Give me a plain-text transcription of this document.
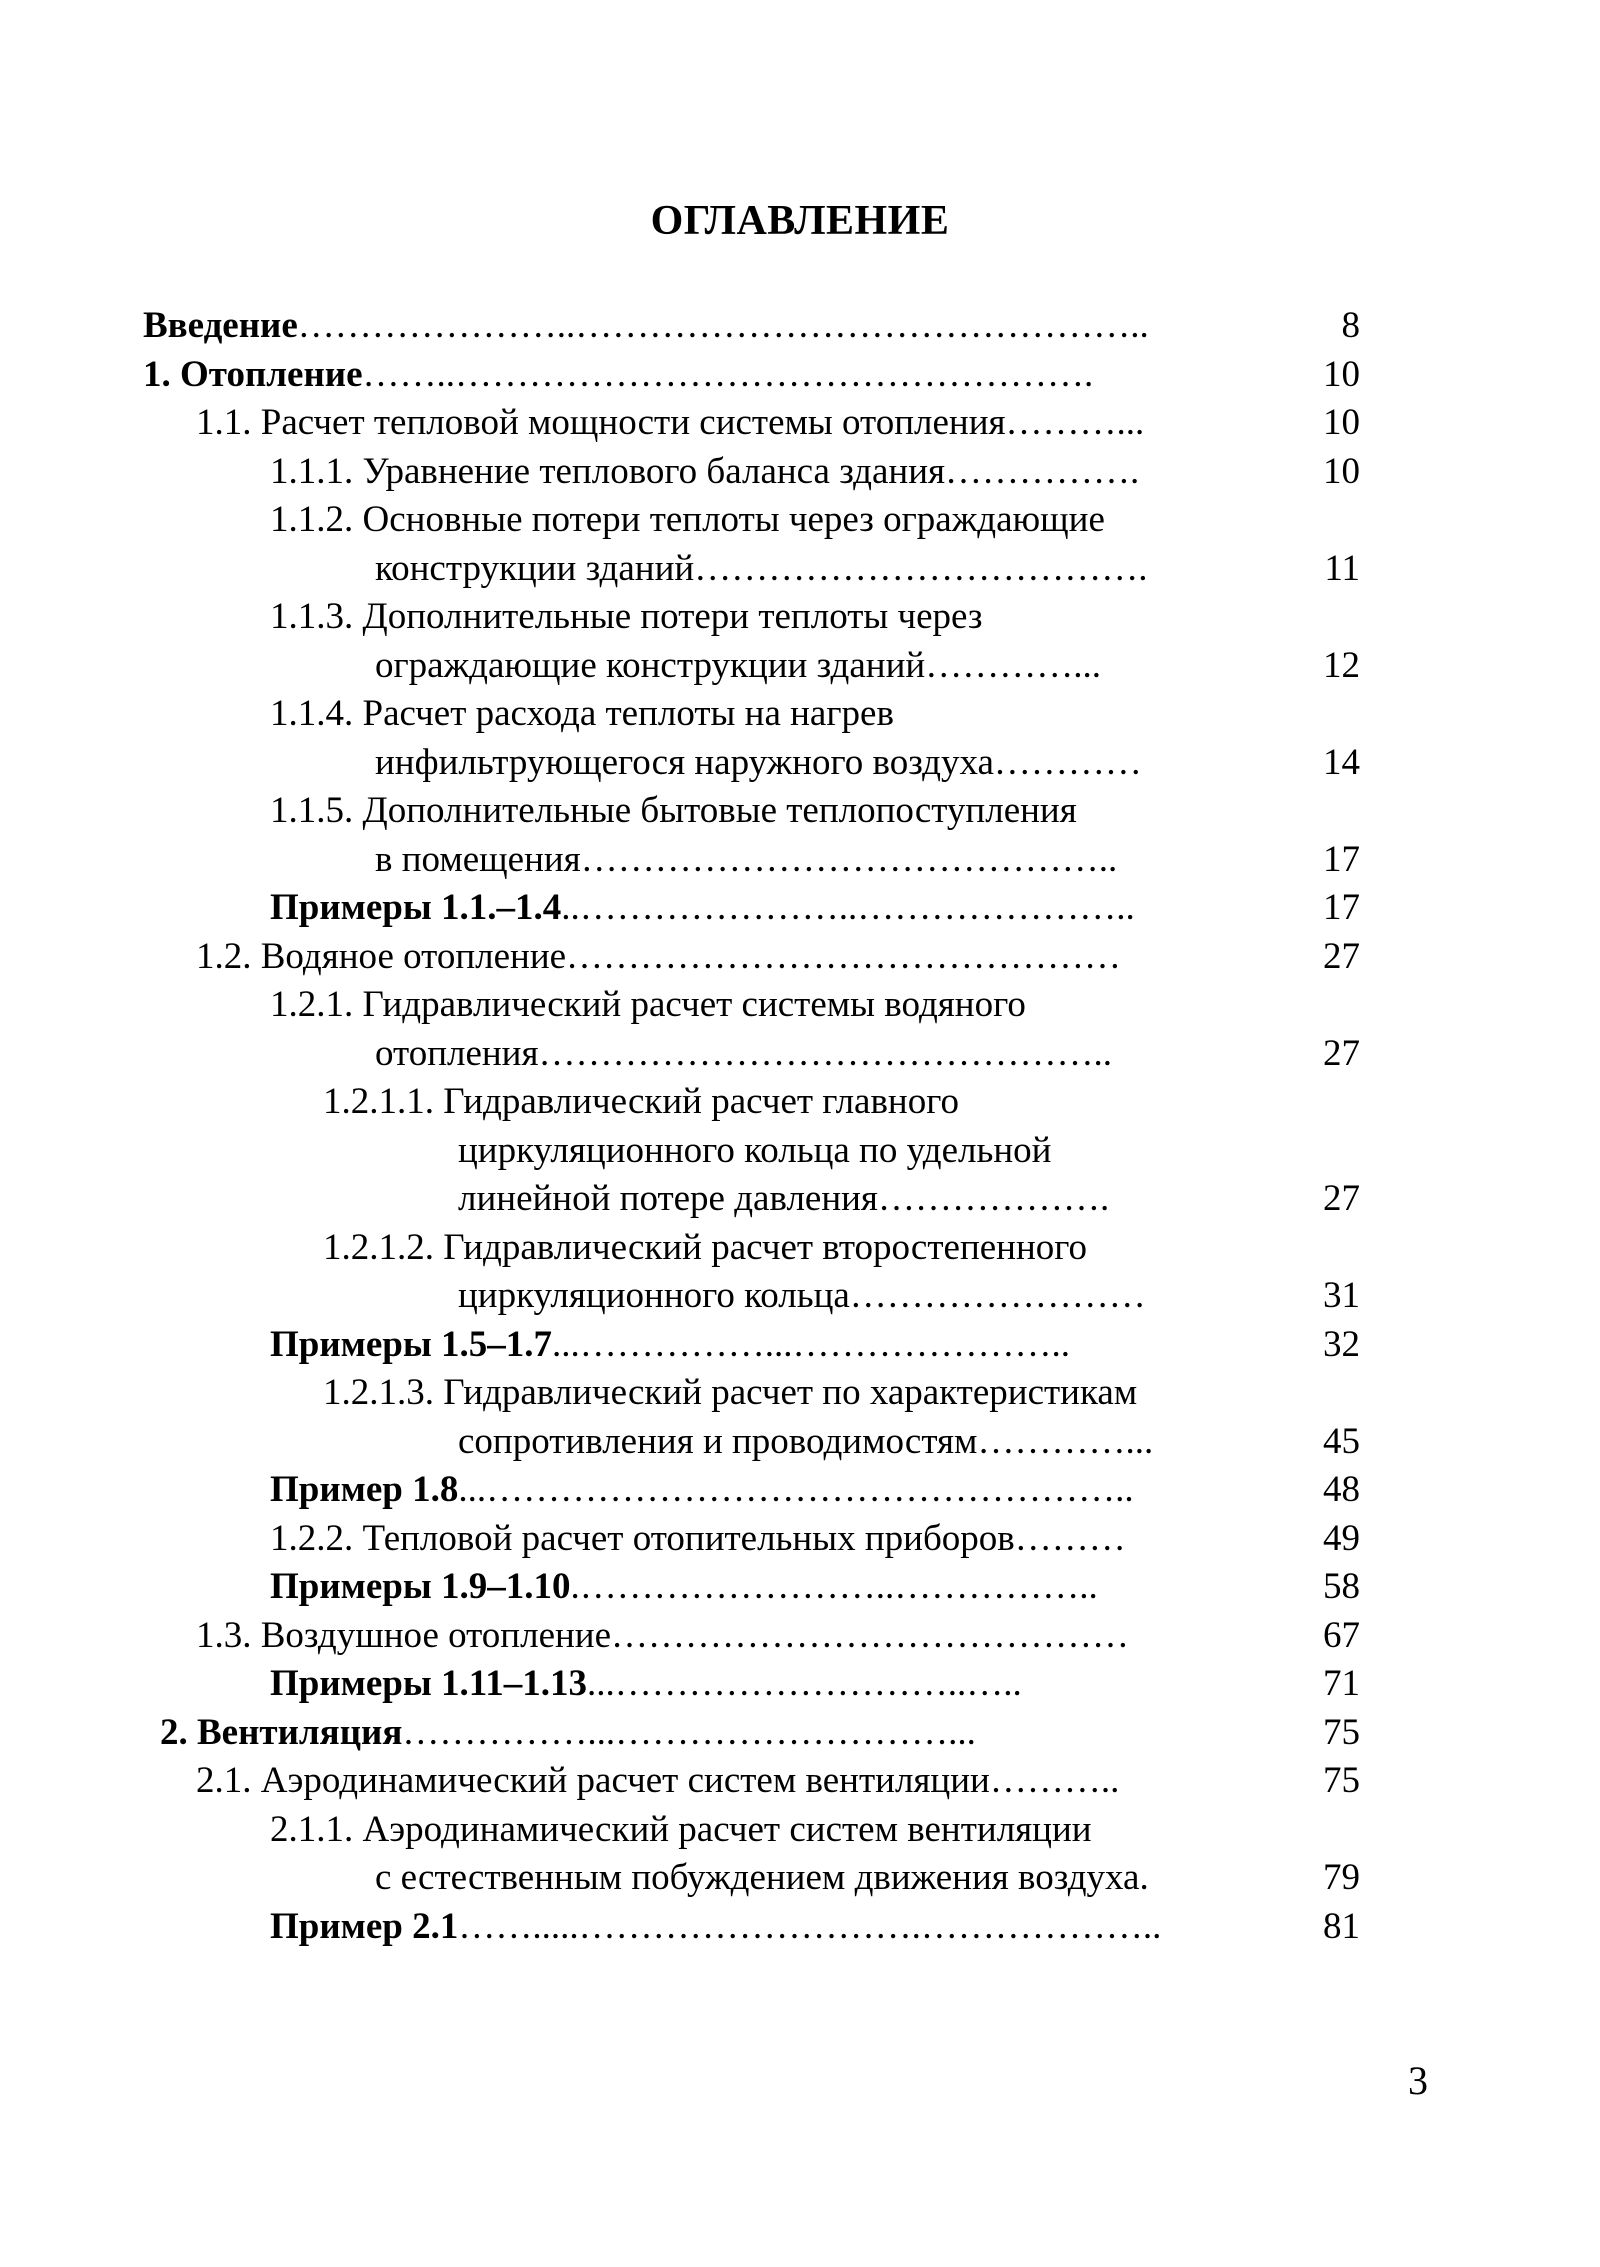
ОГЛАВЛЕНИЕ
Введение…………………..………………………………………..	8
1. Отопление……..…………………………………………….	10
1.1. Расчет тепловой мощности системы отопления………...	10
1.1.1. Уравнение теплового баланса здания…………….	10
1.1.2. Основные потери теплоты через ограждающие
конструкции зданий……………………………….	11
1.1.3. Дополнительные потери теплоты через
ограждающие конструкции зданий…………...	12
1.1.4. Расчет расхода теплоты на нагрев
инфильтрующегося наружного воздуха…………	14
1.1.5. Дополнительные бытовые теплопоступления
в помещения……………………………………..	17
Примеры 1.1.–1.4..…………………..…………………..	17
1.2. Водяное отопление………………………………………	27
1.2.1. Гидравлический расчет системы водяного
отопления………………………………………..	27
1.2.1.1. Гидравлический расчет главного
циркуляционного кольца по удельной
линейной потере давления……………….	27
1.2.1.2. Гидравлический расчет второстепенного
циркуляционного кольца……………………	31
Примеры 1.5–1.7...……………...…………………..	32
1.2.1.3. Гидравлический расчет по характеристикам
сопротивления и проводимостям…………...	45
Пример 1.8...……………………………………………..	48
1.2.2. Тепловой расчет отопительных приборов………	49
Примеры 1.9–1.10.……………………..……………..	58
1.3. Воздушное отопление……………………………………	67
Примеры 1.11–1.13...………………………..…..	71
2. Вентиляция……………...………………………...	75
2.1. Аэродинамический расчет систем вентиляции………..	75
2.1.1. Аэродинамический расчет систем вентиляции
с естественным побуждением движения воздуха.	79
Пример 2.1…….....……………………….………………..	81
3
